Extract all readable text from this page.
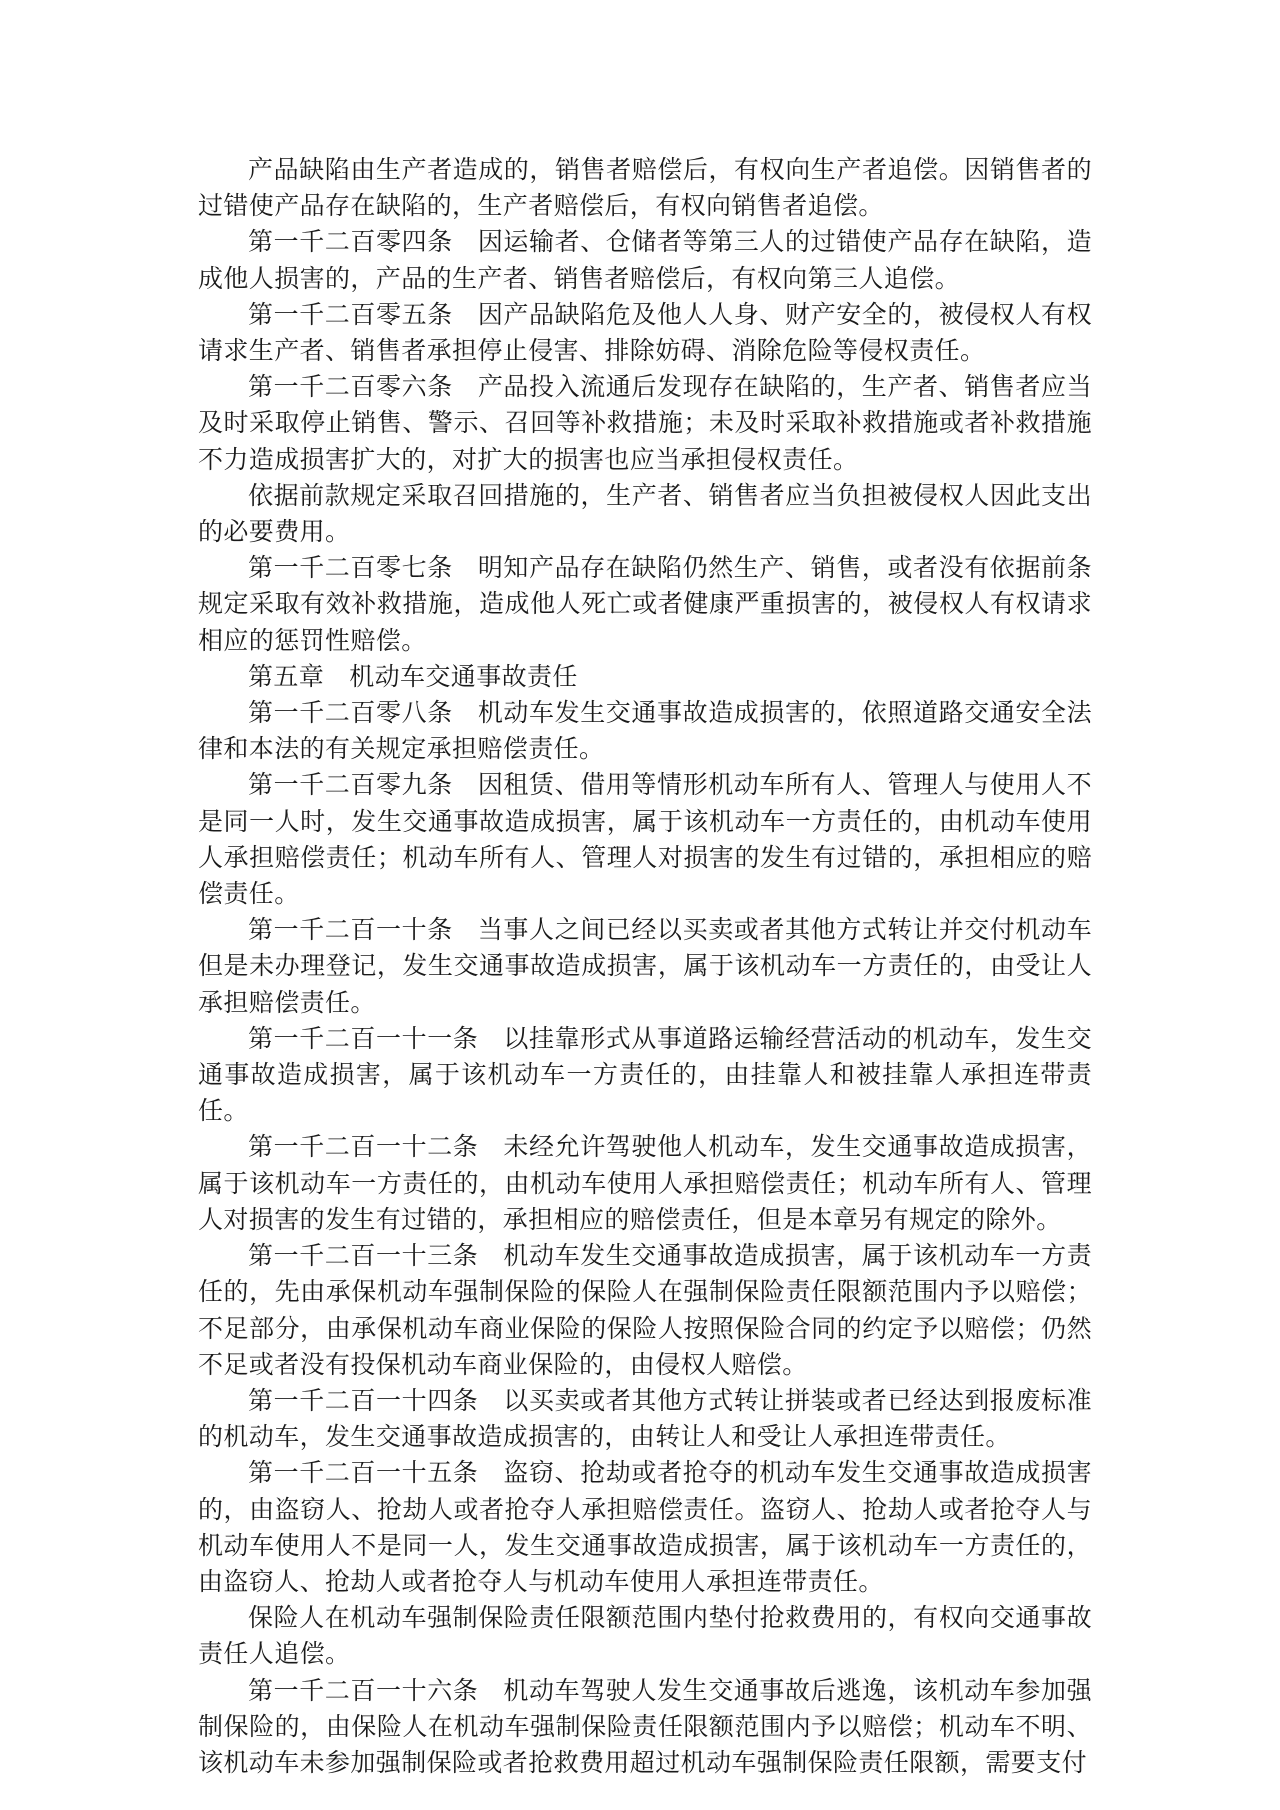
产品缺陷由生产者造成的，销售者赔偿后，有权向生产者追偿。因销售者的过错使产品存在缺陷的，生产者赔偿后，有权向销售者追偿。

第一千二百零四条 因运输者、仓储者等第三人的过错使产品存在缺陷，造成他人损害的，产品的生产者、销售者赔偿后，有权向第三人追偿。

第一千二百零五条 因产品缺陷危及他人人身、财产安全的，被侵权人有权请求生产者、销售者承担停止侵害、排除妨碍、消除危险等侵权责任。

第一千二百零六条 产品投入流通后发现存在缺陷的，生产者、销售者应当及时采取停止销售、警示、召回等补救措施；未及时采取补救措施或者补救措施不力造成损害扩大的，对扩大的损害也应当承担侵权责任。

依据前款规定采取召回措施的，生产者、销售者应当负担被侵权人因此支出的必要费用。

第一千二百零七条 明知产品存在缺陷仍然生产、销售，或者没有依据前条规定采取有效补救措施，造成他人死亡或者健康严重损害的，被侵权人有权请求相应的惩罚性赔偿。

第五章 机动车交通事故责任

第一千二百零八条 机动车发生交通事故造成损害的，依照道路交通安全法律和本法的有关规定承担赔偿责任。

第一千二百零九条 因租赁、借用等情形机动车所有人、管理人与使用人不是同一人时，发生交通事故造成损害，属于该机动车一方责任的，由机动车使用人承担赔偿责任；机动车所有人、管理人对损害的发生有过错的，承担相应的赔偿责任。

第一千二百一十条 当事人之间已经以买卖或者其他方式转让并交付机动车但是未办理登记，发生交通事故造成损害，属于该机动车一方责任的，由受让人承担赔偿责任。

第一千二百一十一条 以挂靠形式从事道路运输经营活动的机动车，发生交通事故造成损害，属于该机动车一方责任的，由挂靠人和被挂靠人承担连带责任。

第一千二百一十二条 未经允许驾驶他人机动车，发生交通事故造成损害，属于该机动车一方责任的，由机动车使用人承担赔偿责任；机动车所有人、管理人对损害的发生有过错的，承担相应的赔偿责任，但是本章另有规定的除外。

第一千二百一十三条 机动车发生交通事故造成损害，属于该机动车一方责任的，先由承保机动车强制保险的保险人在强制保险责任限额范围内予以赔偿；不足部分，由承保机动车商业保险的保险人按照保险合同的约定予以赔偿；仍然不足或者没有投保机动车商业保险的，由侵权人赔偿。

第一千二百一十四条 以买卖或者其他方式转让拼装或者已经达到报废标准的机动车，发生交通事故造成损害的，由转让人和受让人承担连带责任。

第一千二百一十五条 盗窃、抢劫或者抢夺的机动车发生交通事故造成损害的，由盗窃人、抢劫人或者抢夺人承担赔偿责任。盗窃人、抢劫人或者抢夺人与机动车使用人不是同一人，发生交通事故造成损害，属于该机动车一方责任的，由盗窃人、抢劫人或者抢夺人与机动车使用人承担连带责任。

保险人在机动车强制保险责任限额范围内垫付抢救费用的，有权向交通事故责任人追偿。

第一千二百一十六条 机动车驾驶人发生交通事故后逃逸，该机动车参加强制保险的，由保险人在机动车强制保险责任限额范围内予以赔偿；机动车不明、该机动车未参加强制保险或者抢救费用超过机动车强制保险责任限额，需要支付
